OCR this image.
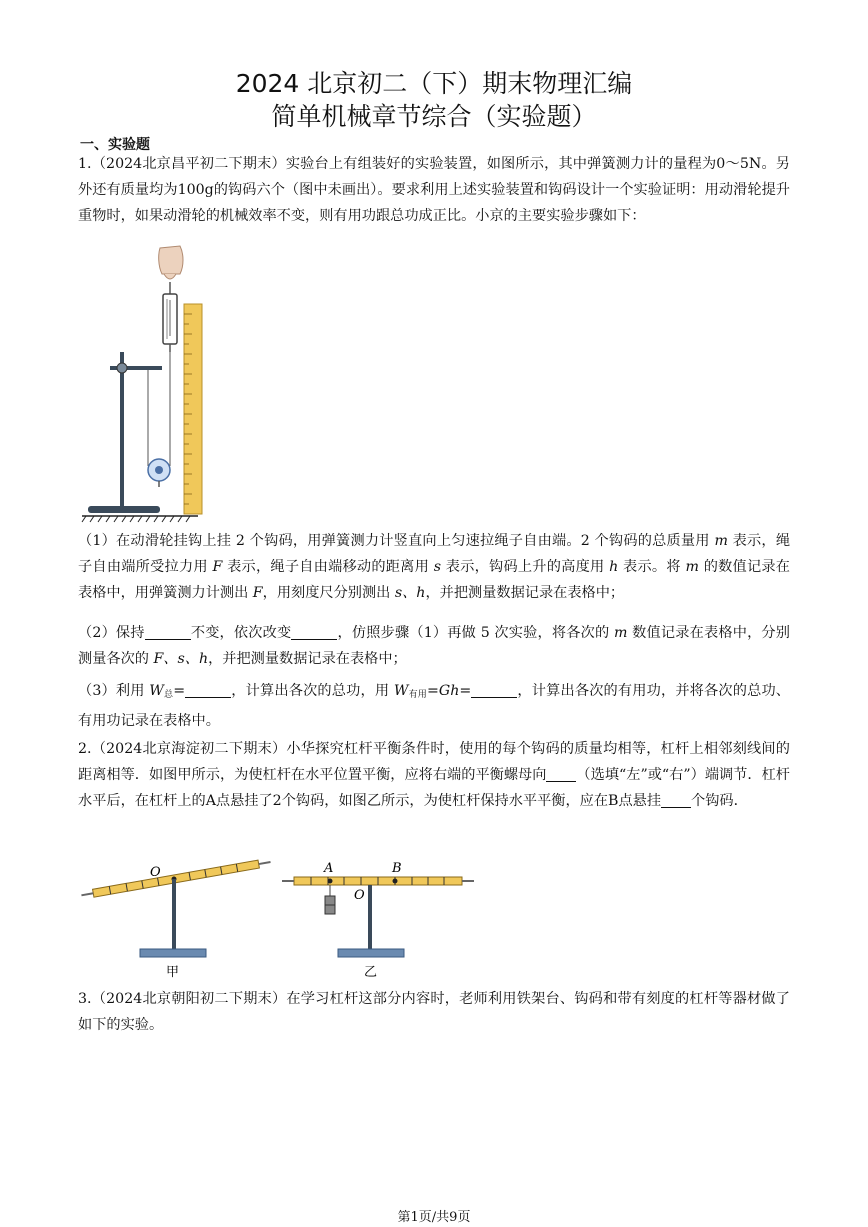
2024 北京初二（下）期末物理汇编
简单机械章节综合（实验题）
一、实验题

1.（2024北京昌平初二下期末）实验台上有组装好的实验装置，如图所示，其中弹簧测力计的量程为0～5N。另外还有质量均为100g的钩码六个（图中未画出）。要求利用上述实验装置和钩码设计一个实验证明：用动滑轮提升重物时，如果动滑轮的机械效率不变，则有用功跟总功成正比。小京的主要实验步骤如下：

（1）在动滑轮挂钩上挂 2 个钩码，用弹簧测力计竖直向上匀速拉绳子自由端。2 个钩码的总质量用 m 表示，绳子自由端所受拉力用 F 表示，绳子自由端移动的距离用 s 表示，钩码上升的高度用 h 表示。将 m 的数值记录在表格中，用弹簧测力计测出 F，用刻度尺分别测出 s、h，并把测量数据记录在表格中；

（2）保持	不变，依次改变	，仿照步骤（1）再做 5 次实验，将各次的 m 数值记录在表格中，分别测量各次的 F、s、h，并把测量数据记录在表格中；

（3）利用 $W_总=$	，计算出各次的总功，用 $W_{有用}=Gh=$	，计算出各次的有用功，并将各次的总功、有用功记录在表格中。

2.（2024北京海淀初二下期末）小华探究杠杆平衡条件时，使用的每个钩码的质量均相等，杠杆上相邻刻线间的距离相等．如图甲所示，为使杠杆在水平位置平衡，应将右端的平衡螺母向 （选填“左”或“右”）端调节．杠杆水平后，在杠杆上的A点悬挂了2个钩码，如图乙所示，为使杠杆保持水平平衡，应在B点悬挂 个钩码．

O
甲
A	B
O
乙

3.（2024北京朝阳初二下期末）在学习杠杆这部分内容时，老师利用铁架台、钩码和带有刻度的杠杆等器材做了如下的实验。

第1页/共9页
